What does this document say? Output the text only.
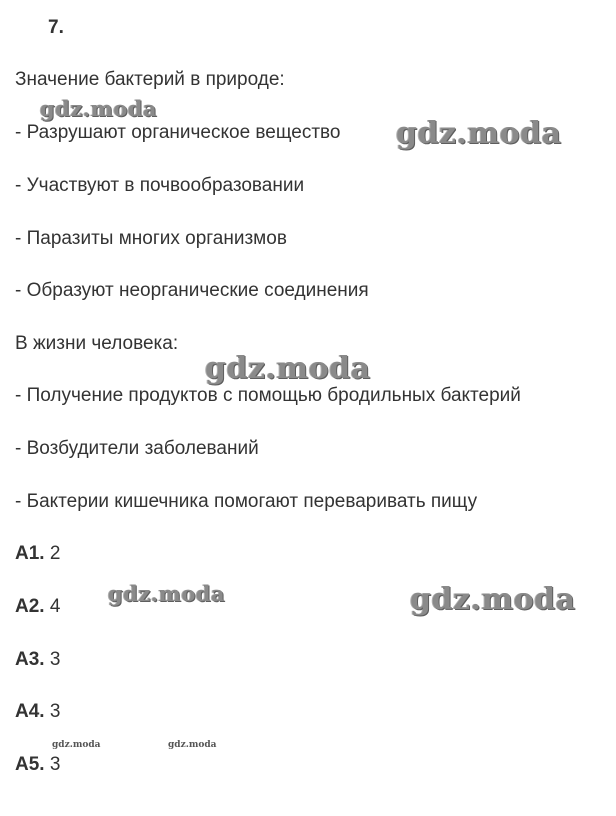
7.
Значение бактерий в природе:
- Разрушают органическое вещество
- Участвуют в почвообразовании
- Паразиты многих организмов
- Образуют неорганические соединения
В жизни человека:
- Получение продуктов с помощью бродильных бактерий
- Возбудители заболеваний
- Бактерии кишечника помогают переваривать пищу
А1. 2
А2. 4
А3. 3
А4. 3
А5. 3
gdz.moda
gdz.moda
gdz.moda
gdz.moda	gdz.moda
gdz.moda	gdz.moda
